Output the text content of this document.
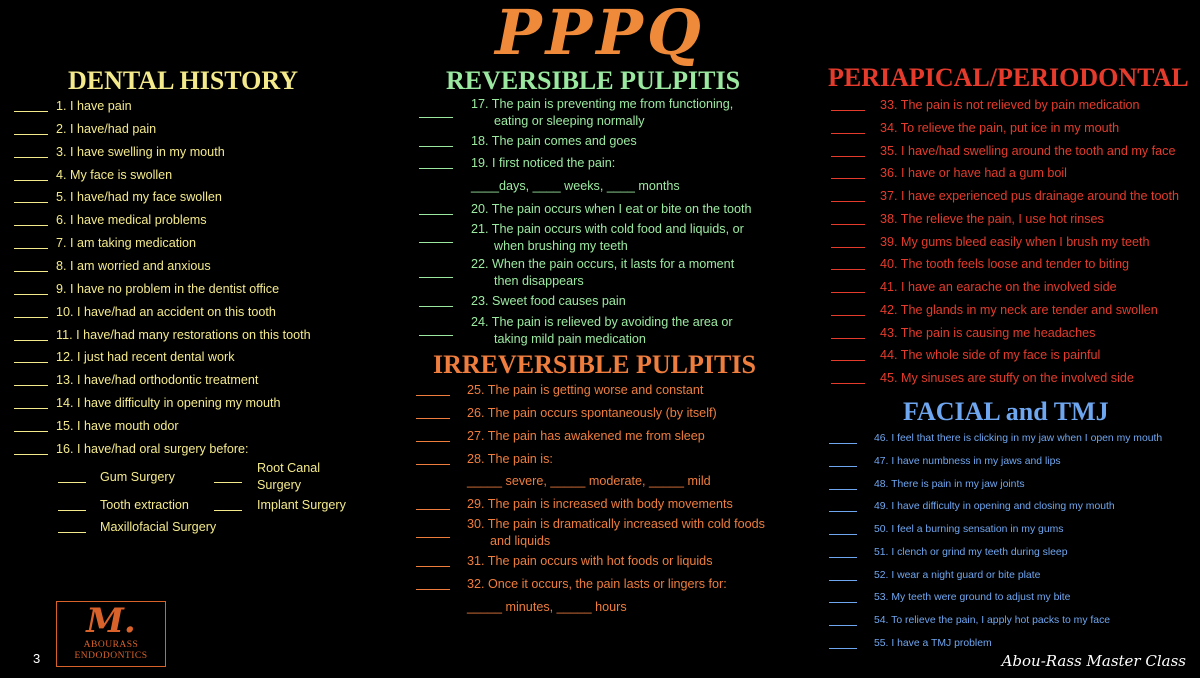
PPPQ
DENTAL HISTORY
1. I have pain
2. I have/had pain
3. I have swelling in my mouth
4. My face is swollen
5. I have/had my face swollen
6. I have medical problems
7. I am taking medication
8. I am worried and anxious
9. I have no problem in the dentist office
10. I have/had an accident on this tooth
11. I have/had many restorations on this tooth
12. I just had recent dental work
13. I have/had orthodontic treatment
14. I have difficulty in opening my mouth
15. I have mouth odor
16. I have/had oral surgery before:
Gum Surgery
Root Canal
Surgery
Tooth extraction	Implant Surgery
Maxillofacial Surgery
REVERSIBLE PULPITIS
17. The pain is preventing me from functioning,
eating or sleeping normally
18. The pain comes and goes
19. I first noticed the pain:
____days, ____ weeks, ____ months
20. The pain occurs when I eat or bite on the tooth
21. The pain occurs with cold food and liquids, or
when brushing my teeth
22. When the pain occurs, it lasts for a moment
then disappears
23. Sweet food causes pain
24. The pain is relieved by avoiding the area or
taking mild pain medication
IRREVERSIBLE PULPITIS
25. The pain is getting worse and constant
26. The pain occurs spontaneously (by itself)
27. The pain has awakened me from sleep
28. The pain is:
_____ severe, _____ moderate, _____ mild
29. The pain is increased with body movements
30. The pain is dramatically increased with cold foods
and liquids
31. The pain occurs with hot foods or liquids
32. Once it occurs, the pain lasts or lingers for:
_____ minutes, _____ hours
PERIAPICAL/PERIODONTAL
33. The pain is not relieved by pain medication
34. To relieve the pain, put ice in my mouth
35. I have/had swelling around the tooth and my face
36. I have or have had a gum boil
37. I have experienced pus drainage around the tooth
38. The relieve the pain, I use hot rinses
39. My gums bleed easily when I brush my teeth
40. The tooth feels loose and tender to biting
41. I have an earache on the involved side
42. The glands in my neck are tender and swollen
43. The pain is causing me headaches
44. The whole side of my face is painful
45. My sinuses are stuffy on the involved side
FACIAL and TMJ
46. I feel that there is clicking in my jaw when I open my mouth
47. I have numbness in my jaws and lips
48. There is pain in my jaw joints
49. I have difficulty in opening and closing my mouth
50. I feel a burning sensation in my gums
51. I clench or grind my teeth during sleep
52. I wear a night guard or bite plate
53. My teeth were ground to adjust my bite
54. To relieve the pain, I apply hot packs to my face
55. I have a TMJ problem
M.
ABOURASS
ENDODONTICS
3	Abou-Rass Master Class
